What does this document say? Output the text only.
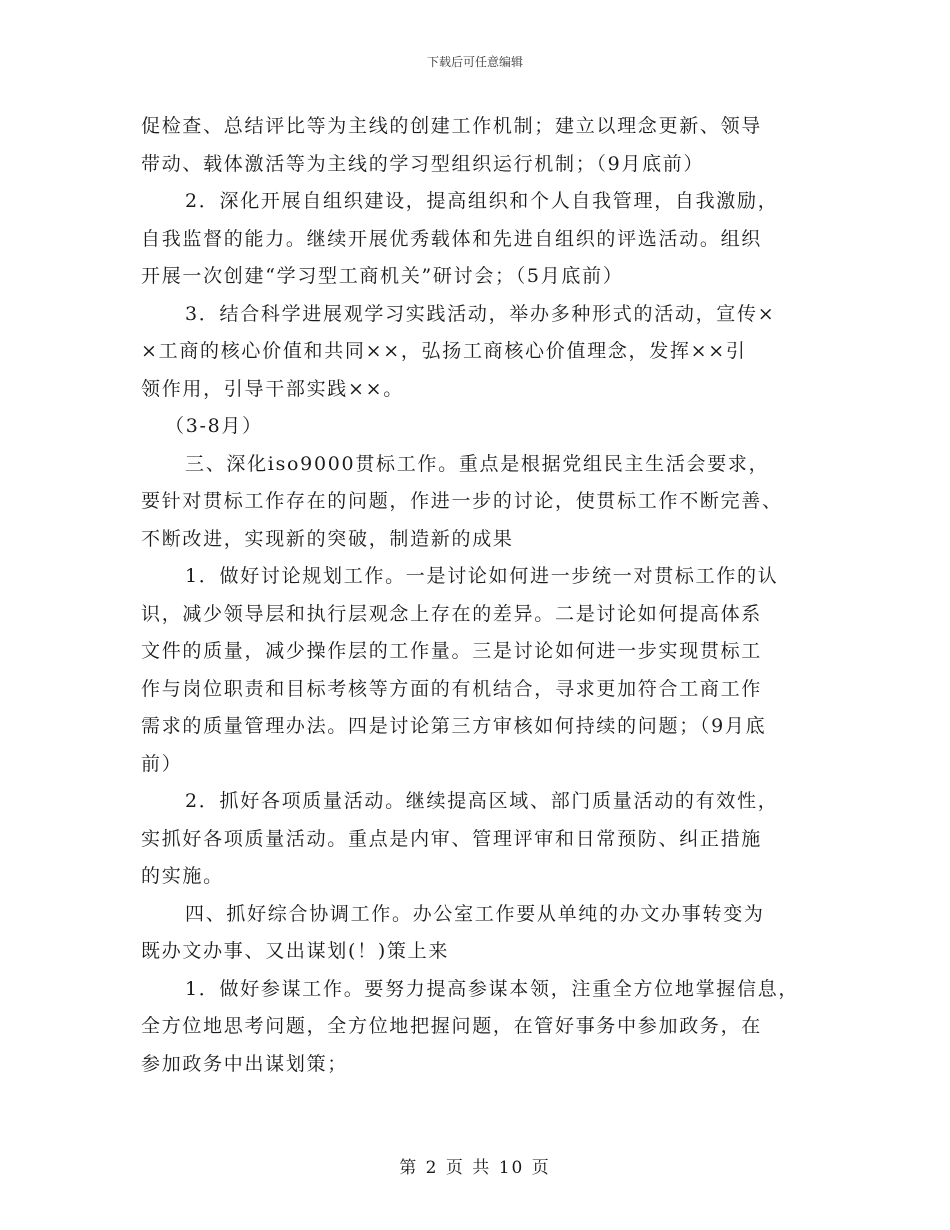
下载后可任意编辑
促检查、总结评比等为主线的创建工作机制；建立以理念更新、领导
带动、载体激活等为主线的学习型组织运行机制；（9月底前）
2．深化开展自组织建设，提高组织和个人自我管理，自我激励，
自我监督的能力。继续开展优秀载体和先进自组织的评选活动。组织
开展一次创建“学习型工商机关”研讨会；（5月底前）
3．结合科学进展观学习实践活动，举办多种形式的活动，宣传×
×工商的核心价值和共同××，弘扬工商核心价值理念，发挥××引
领作用，引导干部实践××。
（3-8月）
三、深化iso9000贯标工作。重点是根据党组民主生活会要求，
要针对贯标工作存在的问题，作进一步的讨论，使贯标工作不断完善、
不断改进，实现新的突破，制造新的成果
1．做好讨论规划工作。一是讨论如何进一步统一对贯标工作的认
识，减少领导层和执行层观念上存在的差异。二是讨论如何提高体系
文件的质量，减少操作层的工作量。三是讨论如何进一步实现贯标工
作与岗位职责和目标考核等方面的有机结合，寻求更加符合工商工作
需求的质量管理办法。四是讨论第三方审核如何持续的问题；（9月底
前）
2．抓好各项质量活动。继续提高区域、部门质量活动的有效性，
实抓好各项质量活动。重点是内审、管理评审和日常预防、纠正措施
的实施。
四、抓好综合协调工作。办公室工作要从单纯的办文办事转变为
既办文办事、又出谋划(！)策上来
1．做好参谋工作。要努力提高参谋本领，注重全方位地掌握信息，
全方位地思考问题，全方位地把握问题，在管好事务中参加政务，在
参加政务中出谋划策；
第 2 页 共 10 页
